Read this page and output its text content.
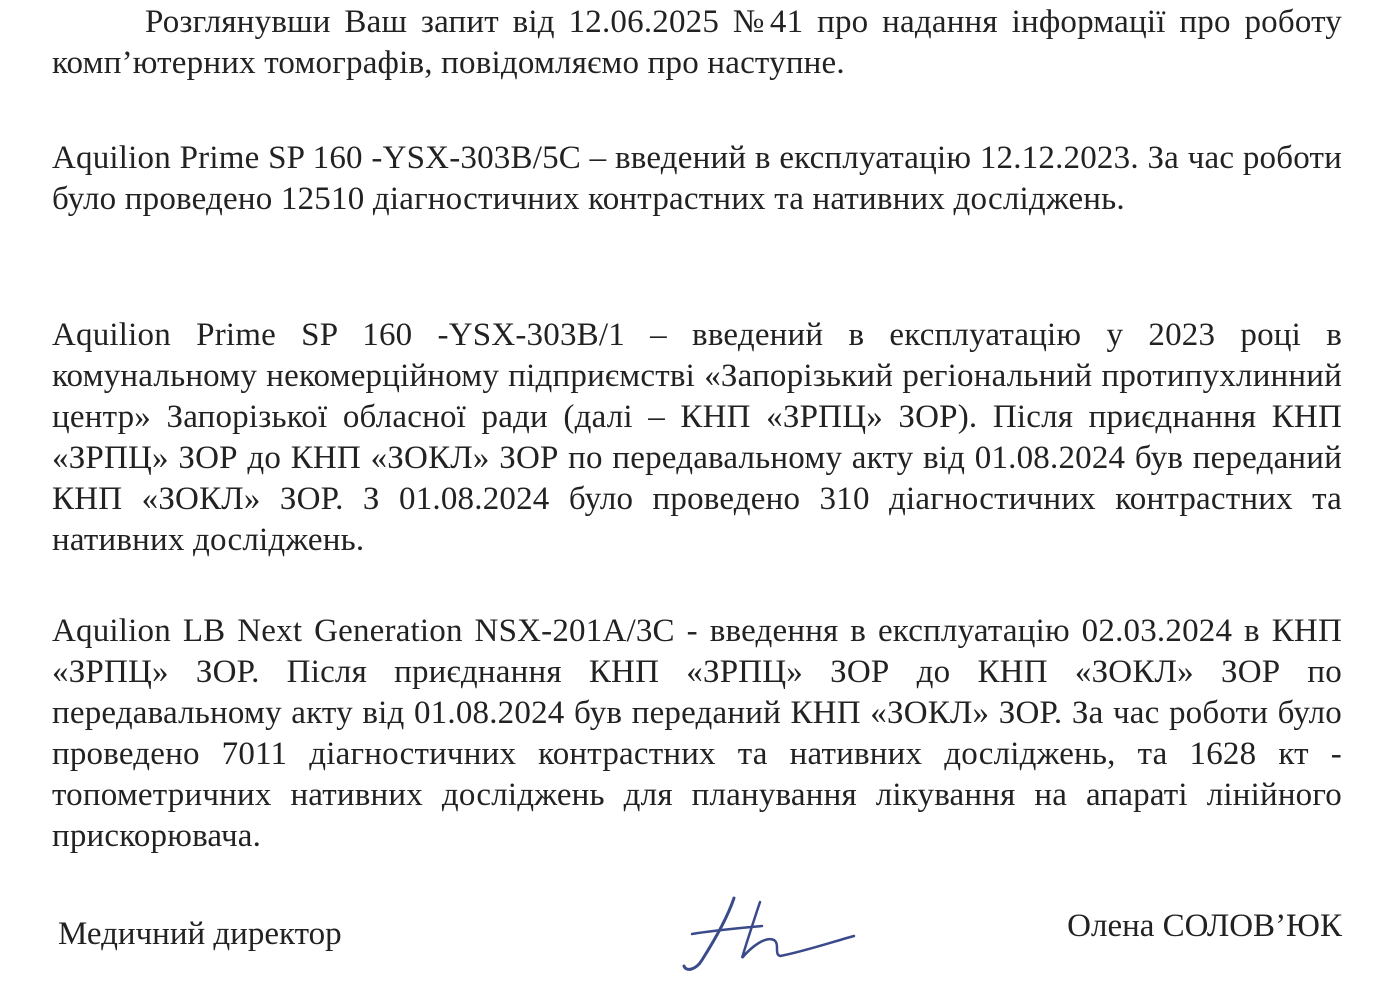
Розглянувши Ваш запит від 12.06.2025 №41 про надання інформації про роботу комп’ютерних томографів, повідомляємо про наступне.

Aquilion Prime SP 160 -YSX-303B/5C – введений в експлуатацію 12.12.2023. За час роботи було проведено 12510 діагностичних контрастних та нативних досліджень.

Aquilion Prime SP 160 -YSX-303B/1 – введений в експлуатацію у 2023 році в комунальному некомерційному підприємстві «Запорізький регіональний протипухлинний центр» Запорізької обласної ради (далі – КНП «ЗРПЦ» ЗОР). Після приєднання КНП «ЗРПЦ» ЗОР до КНП «ЗОКЛ» ЗОР по передавальному акту від 01.08.2024 був переданий КНП «ЗОКЛ» ЗОР. З 01.08.2024 було проведено 310 діагностичних контрастних та нативних досліджень.

Aquilion LB Next Generation NSX-201A/3C - введення в експлуатацію 02.03.2024 в КНП «ЗРПЦ» ЗОР. Після приєднання КНП «ЗРПЦ» ЗОР до КНП «ЗОКЛ» ЗОР по передавальному акту від 01.08.2024 був переданий КНП «ЗОКЛ» ЗОР. За час роботи було проведено 7011 діагностичних контрастних та нативних досліджень, та 1628 кт - топометричних нативних досліджень для планування лікування на апараті лінійного прискорювача.

Медичний директор	Олена СОЛОВ’ЮК
